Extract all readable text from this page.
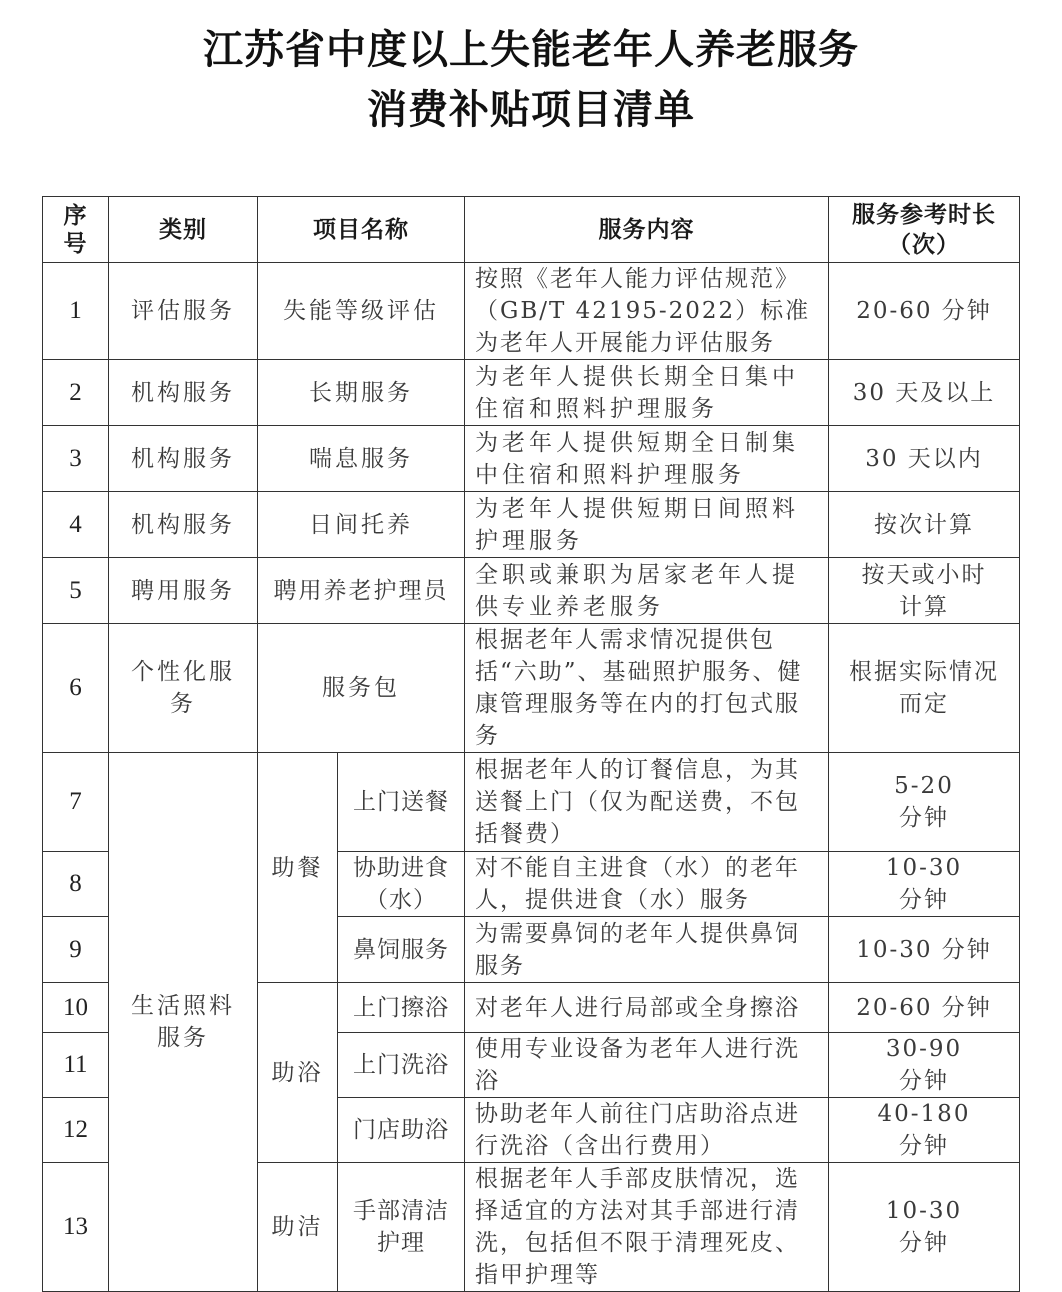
江苏省中度以上失能老年人养老服务
消费补贴项目清单
序
号	类别	项目名称		服务内容	服务参考时长
（次）
1	评估服务	失能等级评估		按照《老年人能力评估规范》（GB/T 42195-2022）标准为老年人开展能力评估服务	20-60 分钟
2	机构服务	长期服务		为老年人提供长期全日集中住宿和照料护理服务	30 天及以上
3	机构服务	喘息服务		为老年人提供短期全日制集中住宿和照料护理服务	30 天以内
4	机构服务	日间托养		为老年人提供短期日间照料护理服务	按次计算
5	聘用服务	聘用养老护理员		全职或兼职为居家老年人提供专业养老服务	按天或小时计算
6	个性化服务	服务包		根据老年人需求情况提供包括“六助”、基础照护服务、健康管理服务等在内的打包式服务	根据实际情况而定
7	生活照料服务	助餐	上门送餐	根据老年人的订餐信息，为其送餐上门（仅为配送费，不包括餐费）	5-20 分钟
8			协助进食（水）	对不能自主进食（水）的老年人，提供进食（水）服务	10-30 分钟
9			鼻饲服务	为需要鼻饲的老年人提供鼻饲服务	10-30 分钟
10		助浴	上门擦浴	对老年人进行局部或全身擦浴	20-60 分钟
11			上门洗浴	使用专业设备为老年人进行洗浴	30-90 分钟
12			门店助浴	协助老年人前往门店助浴点进行洗浴（含出行费用）	40-180 分钟
13		助洁	手部清洁护理	根据老年人手部皮肤情况，选择适宜的方法对其手部进行清洗，包括但不限于清理死皮、指甲护理等	10-30 分钟
